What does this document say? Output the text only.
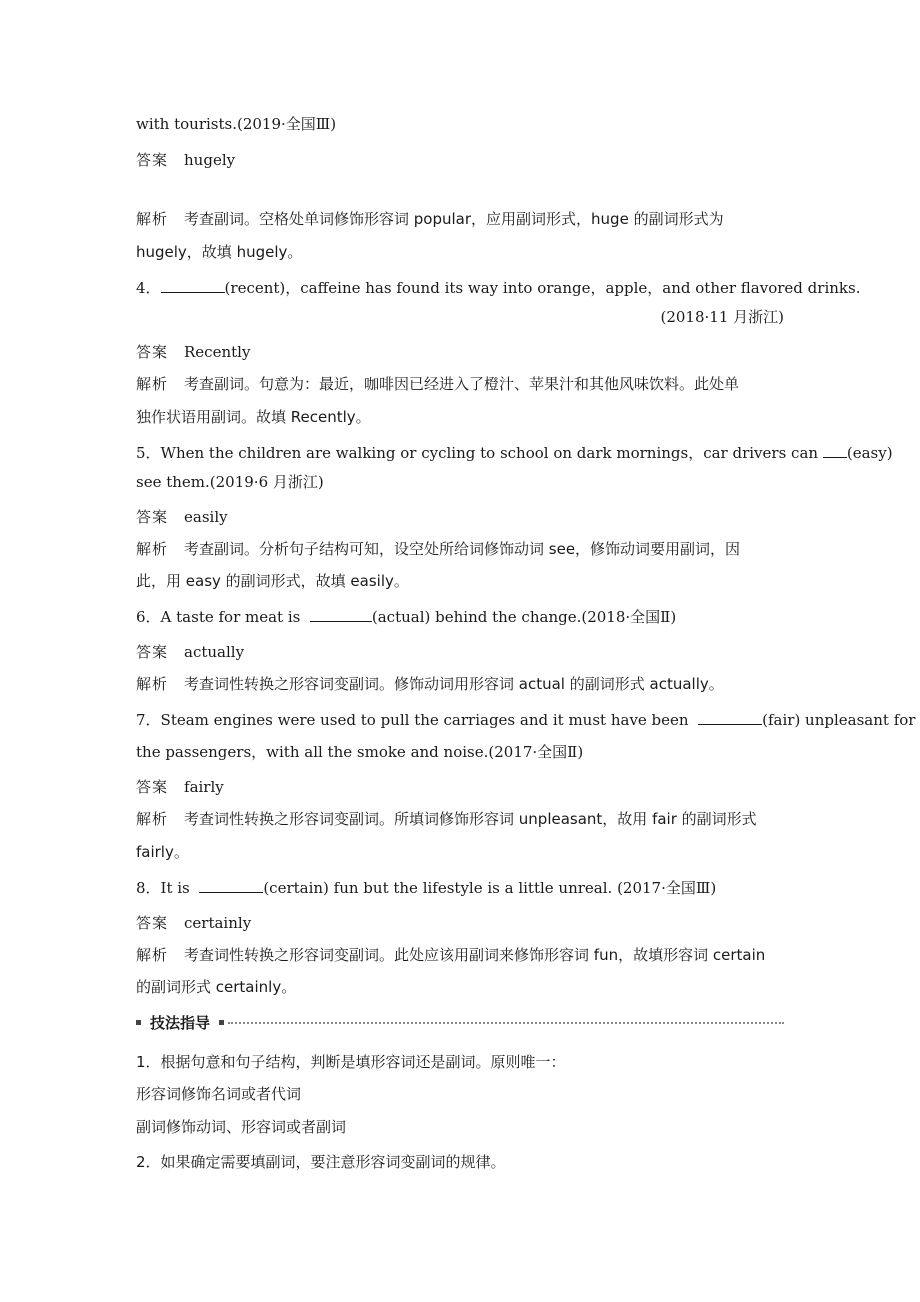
with tourists.(2019·全国Ⅲ)
答案 hugely
解析 考查副词。空格处单词修饰形容词 popular，应用副词形式，huge 的副词形式为
hugely，故填 hugely。
4．	(recent)，caffeine has found its way into orange，apple，and other flavored drinks.
(2018·11 月浙江)
答案 Recently
解析 考查副词。句意为：最近，咖啡因已经进入了橙汁、苹果汁和其他风味饮料。此处单
独作状语用副词。故填 Recently。
5．When the children are walking or cycling to school on dark mornings，car drivers can (easy)
see them.(2019·6 月浙江)
答案 easily
解析 考查副词。分析句子结构可知，设空处所给词修饰动词 see，修饰动词要用副词，因
此，用 easy 的副词形式，故填 easily。
6．A taste for meat is	(actual) behind the change.(2018·全国Ⅱ)
答案 actually
解析 考查词性转换之形容词变副词。修饰动词用形容词 actual 的副词形式 actually。
7．Steam engines were used to pull the carriages and it must have been	(fair) unpleasant for
the passengers，with all the smoke and noise.(2017·全国Ⅱ)
答案 fairly
解析 考查词性转换之形容词变副词。所填词修饰形容词 unpleasant，故用 fair 的副词形式
fairly。
8．It is	(certain) fun but the lifestyle is a little unreal. (2017·全国Ⅲ)
答案 certainly
解析 考查词性转换之形容词变副词。此处应该用副词来修饰形容词 fun，故填形容词 certain
的副词形式 certainly。
技法指导
1．根据句意和句子结构，判断是填形容词还是副词。原则唯一：
形容词修饰名词或者代词
副词修饰动词、形容词或者副词
2．如果确定需要填副词，要注意形容词变副词的规律。
